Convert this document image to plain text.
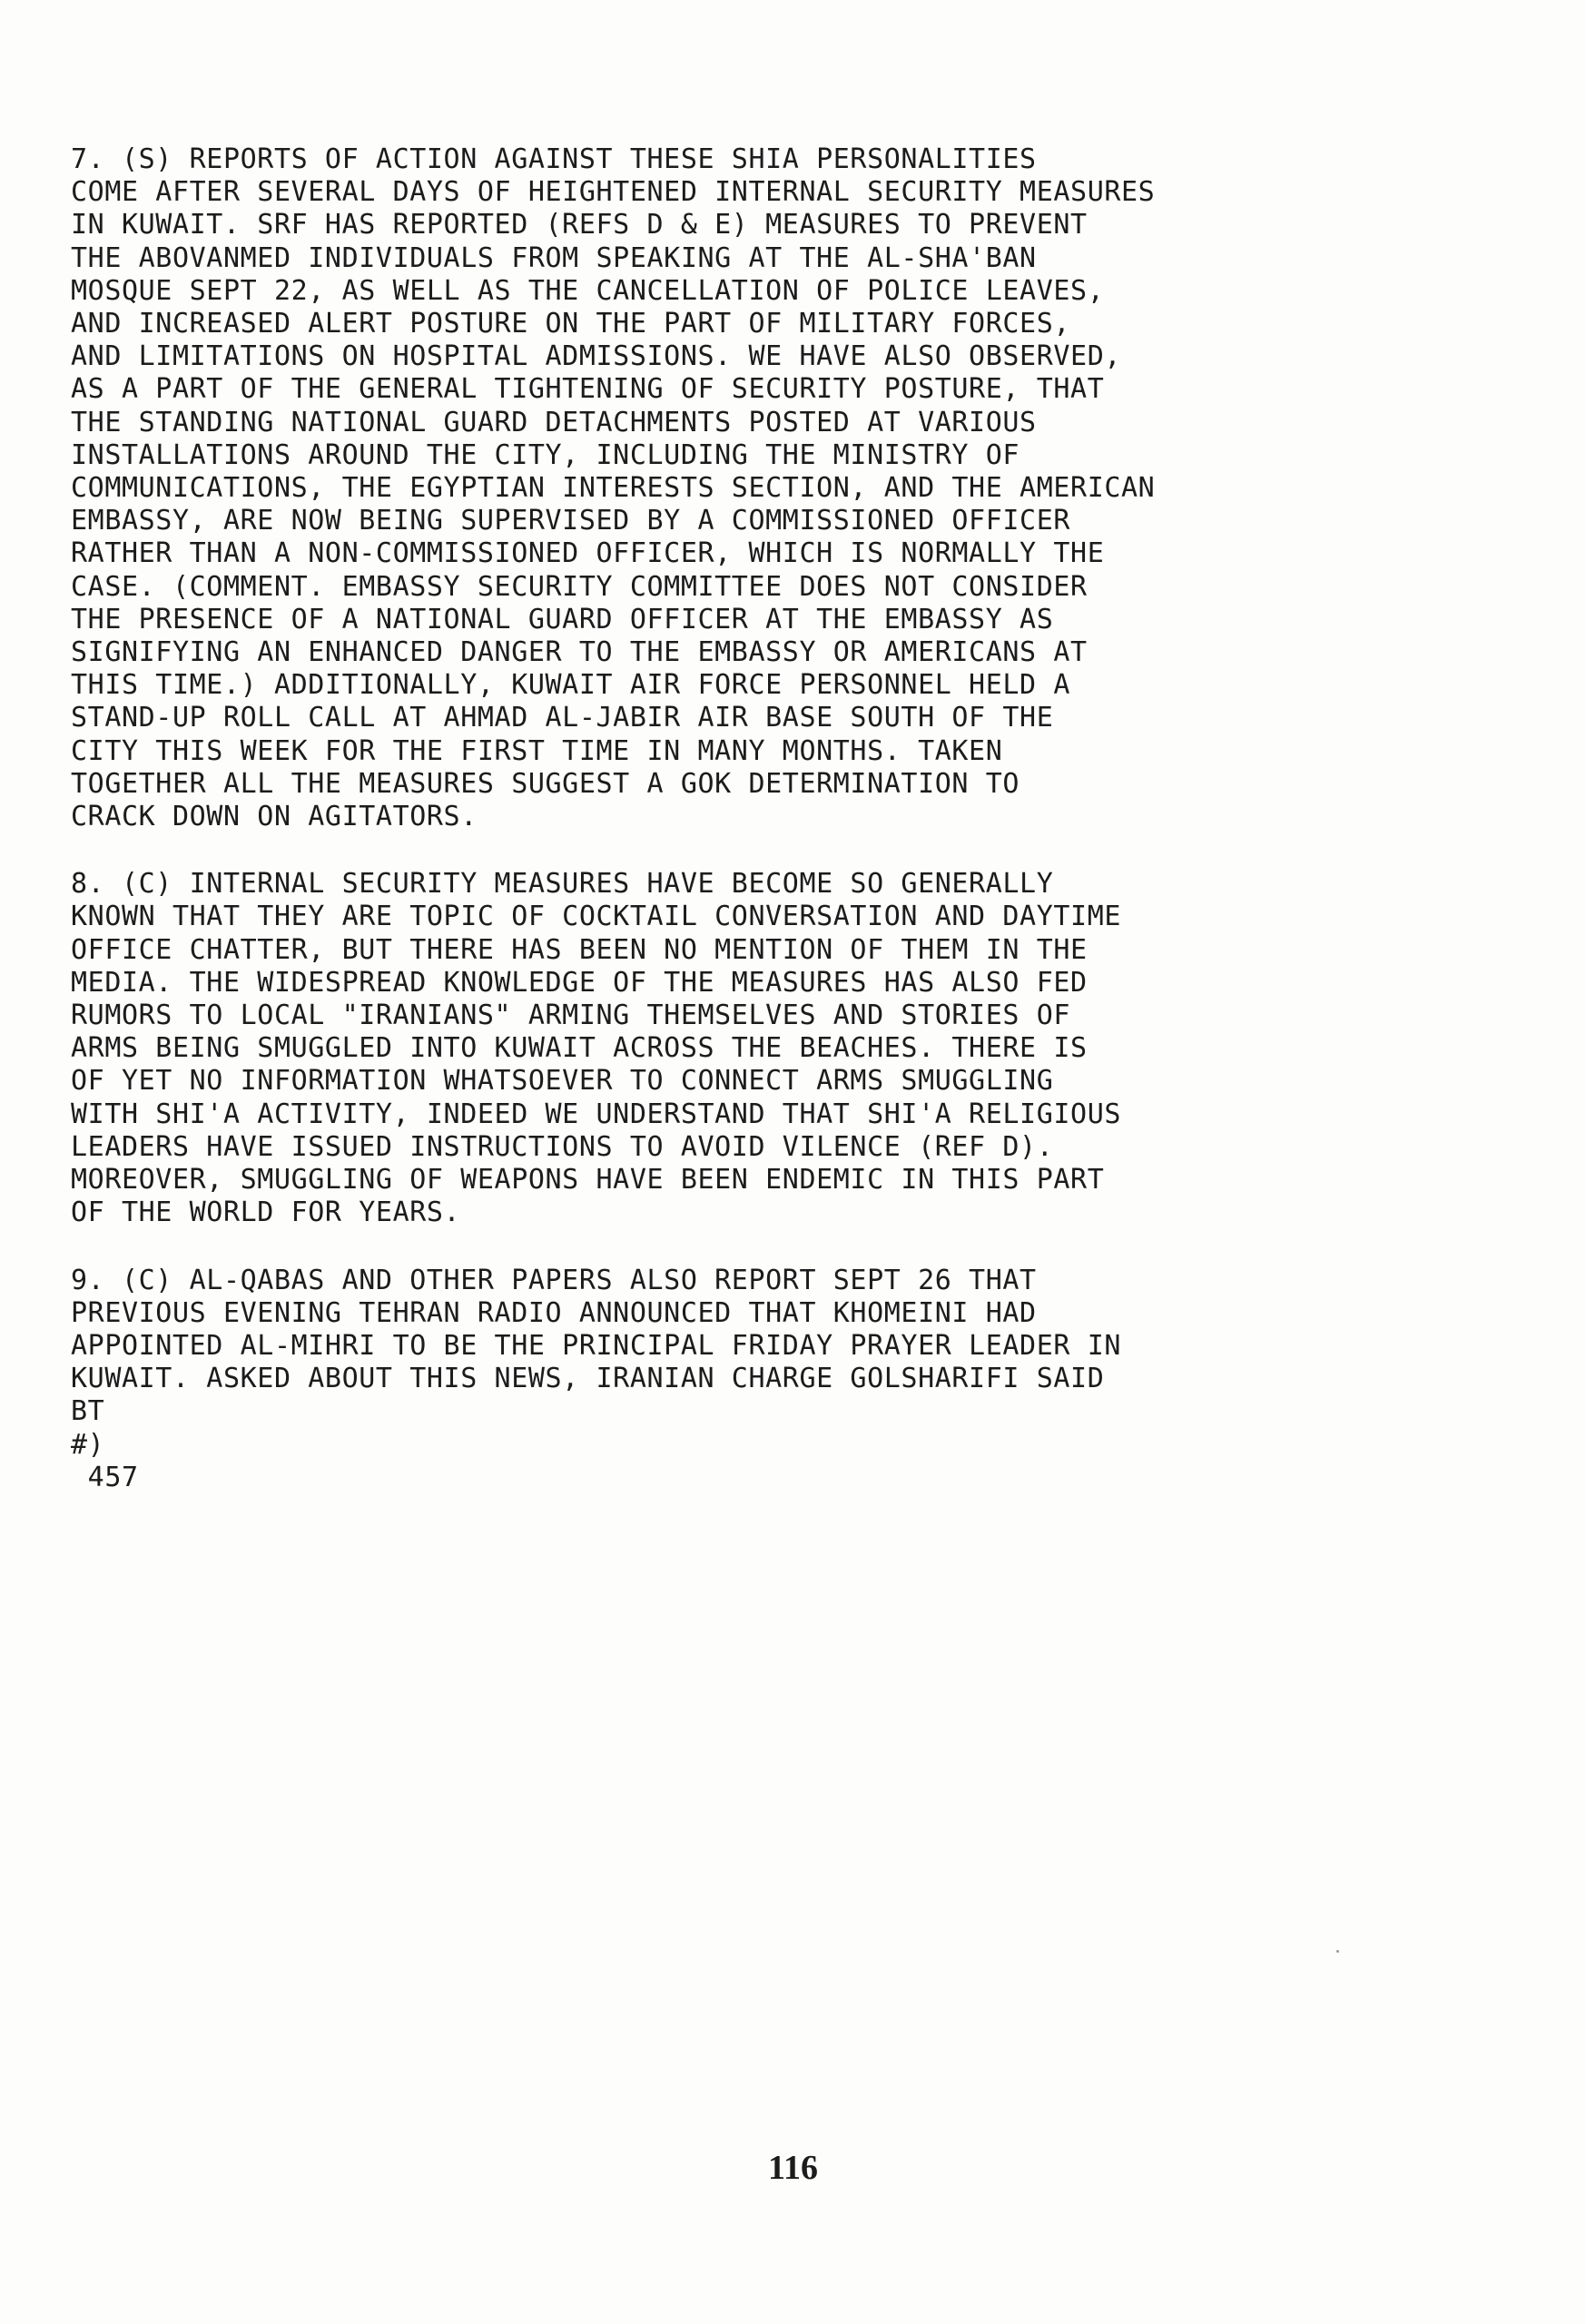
7. (S) REPORTS OF ACTION AGAINST THESE SHIA PERSONALITIES
COME AFTER SEVERAL DAYS OF HEIGHTENED INTERNAL SECURITY MEASURES
IN KUWAIT. SRF HAS REPORTED (REFS D & E) MEASURES TO PREVENT
THE ABOVANMED INDIVIDUALS FROM SPEAKING AT THE AL-SHA'BAN
MOSQUE SEPT 22, AS WELL AS THE CANCELLATION OF POLICE LEAVES,
AND INCREASED ALERT POSTURE ON THE PART OF MILITARY FORCES,
AND LIMITATIONS ON HOSPITAL ADMISSIONS. WE HAVE ALSO OBSERVED,
AS A PART OF THE GENERAL TIGHTENING OF SECURITY POSTURE, THAT
THE STANDING NATIONAL GUARD DETACHMENTS POSTED AT VARIOUS
INSTALLATIONS AROUND THE CITY, INCLUDING THE MINISTRY OF
COMMUNICATIONS, THE EGYPTIAN INTERESTS SECTION, AND THE AMERICAN
EMBASSY, ARE NOW BEING SUPERVISED BY A COMMISSIONED OFFICER
RATHER THAN A NON-COMMISSIONED OFFICER, WHICH IS NORMALLY THE
CASE. (COMMENT. EMBASSY SECURITY COMMITTEE DOES NOT CONSIDER
THE PRESENCE OF A NATIONAL GUARD OFFICER AT THE EMBASSY AS
SIGNIFYING AN ENHANCED DANGER TO THE EMBASSY OR AMERICANS AT
THIS TIME.) ADDITIONALLY, KUWAIT AIR FORCE PERSONNEL HELD A
STAND-UP ROLL CALL AT AHMAD AL-JABIR AIR BASE SOUTH OF THE
CITY THIS WEEK FOR THE FIRST TIME IN MANY MONTHS. TAKEN
TOGETHER ALL THE MEASURES SUGGEST A GOK DETERMINATION TO
CRACK DOWN ON AGITATORS.
8. (C) INTERNAL SECURITY MEASURES HAVE BECOME SO GENERALLY
KNOWN THAT THEY ARE TOPIC OF COCKTAIL CONVERSATION AND DAYTIME
OFFICE CHATTER, BUT THERE HAS BEEN NO MENTION OF THEM IN THE
MEDIA. THE WIDESPREAD KNOWLEDGE OF THE MEASURES HAS ALSO FED
RUMORS TO LOCAL "IRANIANS" ARMING THEMSELVES AND STORIES OF
ARMS BEING SMUGGLED INTO KUWAIT ACROSS THE BEACHES. THERE IS
OF YET NO INFORMATION WHATSOEVER TO CONNECT ARMS SMUGGLING
WITH SHI'A ACTIVITY, INDEED WE UNDERSTAND THAT SHI'A RELIGIOUS
LEADERS HAVE ISSUED INSTRUCTIONS TO AVOID VILENCE (REF D).
MOREOVER, SMUGGLING OF WEAPONS HAVE BEEN ENDEMIC IN THIS PART
OF THE WORLD FOR YEARS.
9. (C) AL-QABAS AND OTHER PAPERS ALSO REPORT SEPT 26 THAT
PREVIOUS EVENING TEHRAN RADIO ANNOUNCED THAT KHOMEINI HAD
APPOINTED AL-MIHRI TO BE THE PRINCIPAL FRIDAY PRAYER LEADER IN
KUWAIT. ASKED ABOUT THIS NEWS, IRANIAN CHARGE GOLSHARIFI SAID
BT
#)
457
116
